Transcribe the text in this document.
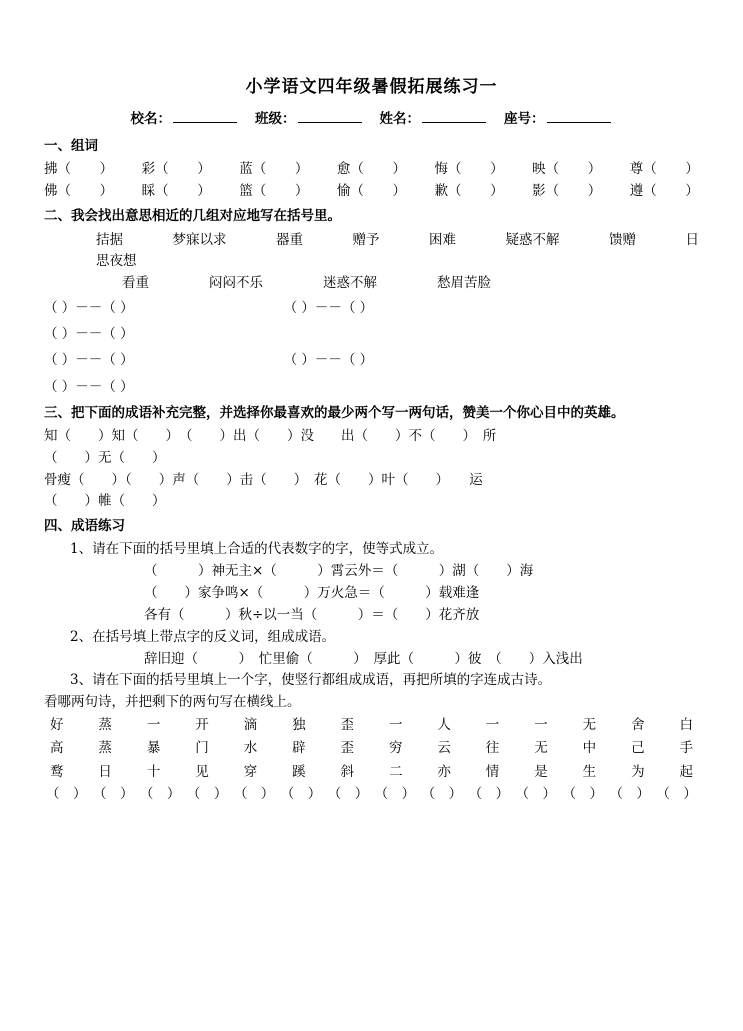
小学语文四年级暑假拓展练习一
校名：	班级：	姓名：	座号：
一、组词
拂（ ） 彩（ ） 蓝（ ） 愈（ ） 悔（ ） 映（ ） 尊（ ）
佛（ ） 睬（ ） 篮（ ） 愉（ ） 歉（ ） 影（ ） 遵（ ）
二、我会找出意思相近的几组对应地写在括号里。
拮据	梦寐以求	器重	赠予	困难	疑惑不解	馈赠	日
思夜想
看重	闷闷不乐	迷惑不解	愁眉苦脸
（ ）－－（ ）	（ ）－－（ ）
（ ）－－（ ）
（ ）－－（ ）	（ ）－－（ ）
（ ）－－（ ）
三、把下面的成语补充完整，并选择你最喜欢的最少两个写一两句话，赞美一个你心目中的英雄。
知（　　）知（　　）　（　　）出（　　）没　　出（　　）不（　　）　所
（　　）无（　　）
骨瘦（　　）（　　）声（　　）击（　　）　花（　　）叶（　　）　　运
（　　）帷（　　）
四、成语练习
1、请在下面的括号里填上合适的代表数字的字，使等式成立。
（　　　）神无主×（　　　）霄云外＝（　　　）湖（　　）海
（　　）家争鸣×（　　　）万火急＝（　　　）载难逢
各有（　　　）秋÷以一当（　　　）＝（　　）花齐放
2、在括号填上带点字的反义词，组成成语。
辞旧迎（　　　）　忙里偷（　　　）　厚此（　　　）彼　（　　）入浅出
3、请在下面的括号里填上一个字，使竖行都组成成语，再把所填的字连成古诗。
看哪两句诗，并把剩下的两句写在横线上。
好	蒸	一	开	滴	独	歪	一	人	一	一	无	舍	白
高	蒸	暴	门	水	辟	歪	穷	云	往	无	中	己	手
鹜	日	十	见	穿	蹊	斜	二	亦	情	是	生	为	起
（　） （　） （　） （　） （　） （　） （　） （　） （　） （　） （　） （　） （　） （　）
